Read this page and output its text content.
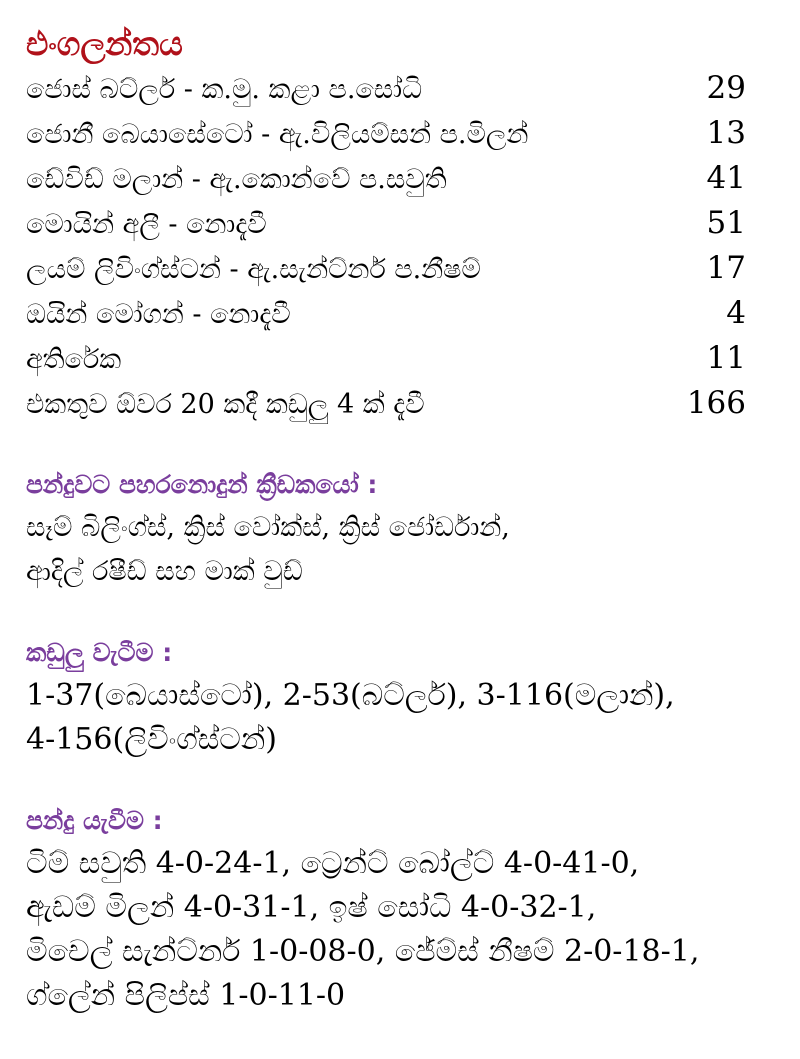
එංගලන්තය
ජොස් බට්ලර් - ක.මු. කළා ප.සෝධි	29
ජොනී බෙයාසේටෝ - ඇ.විලියම්සන් ප.මිලන්	13
ඩේවිඩ් මලාන් - ඇ.කොන්වේ ප.සවුති	41
මොයින් අලී - නොදැවී	51
ලයම් ලිවිංග්ස්ටන් - ඇ.සැන්ට්නර් ප.නීෂම්	17
ඔයින් මෝගන් - නොදැවී	4
අතිරේක	11
එකතුව ඕවර 20 කදී කඩුලු 4 ක් දැවී	166
පන්දුවට පහරනොදුන් ක්‍රීඩකයෝ :
සෑම් බිලිංග්ස්, ක්‍රිස් වෝක්ස්, ක්‍රිස් ජෝර්ඩාන්,
ආදිල් රෂීඩ් සහ මාක් වුඩ්
කඩුලු වැටීම :
1-37(බෙයාස්ටෝ), 2-53(බට්ලර්), 3-116(මලාන්),
4-156(ලිවිංග්ස්ටන්)
පන්දු යැවීම :
ටිම් සවුති 4-0-24-1, ට්‍රෙන්ට් බෝල්ට් 4-0-41-0,
ඇඩම් මිලන් 4-0-31-1, ඉෂ් සෝධි 4-0-32-1,
මිචෙල් සැන්ට්නර් 1-0-08-0, ජේම්ස් නීෂම් 2-0-18-1,
ග්ලේන් පිලිප්ස් 1-0-11-0
